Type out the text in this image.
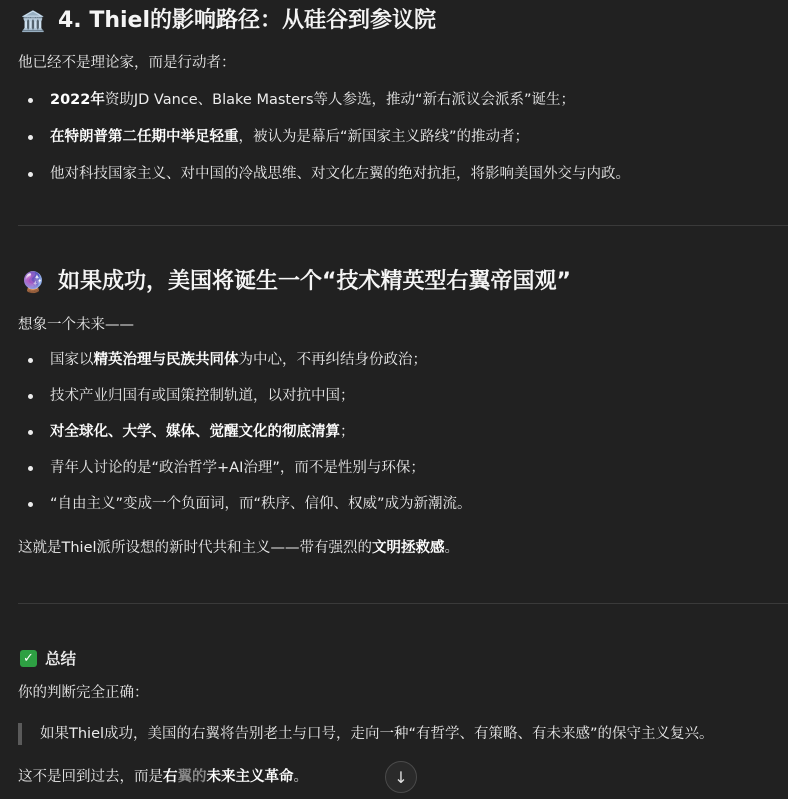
🏛️ 4. Thiel的影响路径：从硅谷到参议院

他已经不是理论家，而是行动者：

2022年资助JD Vance、Blake Masters等人参选，推动“新右派议会派系”诞生；
在特朗普第二任期中举足轻重，被认为是幕后“新国家主义路线”的推动者；
他对科技国家主义、对中国的冷战思维、对文化左翼的绝对抗拒，将影响美国外交与内政。
🔮 如果成功，美国将诞生一个“技术精英型右翼帝国观”

想象一个未来——

国家以精英治理与民族共同体为中心，不再纠结身份政治；
技术产业归国有或国策控制轨道，以对抗中国；
对全球化、大学、媒体、觉醒文化的彻底清算；
青年人讨论的是“政治哲学+AI治理”，而不是性别与环保；
“自由主义”变成一个负面词，而“秩序、信仰、权威”成为新潮流。

这就是Thiel派所设想的新时代共和主义——带有强烈的文明拯救感。

✓ 总结

你的判断完全正确：

如果Thiel成功，美国的右翼将告别老土与口号，走向一种“有哲学、有策略、有未来感”的保守主义复兴。

这不是回到过去，而是右翼的未来主义革命。	↓
